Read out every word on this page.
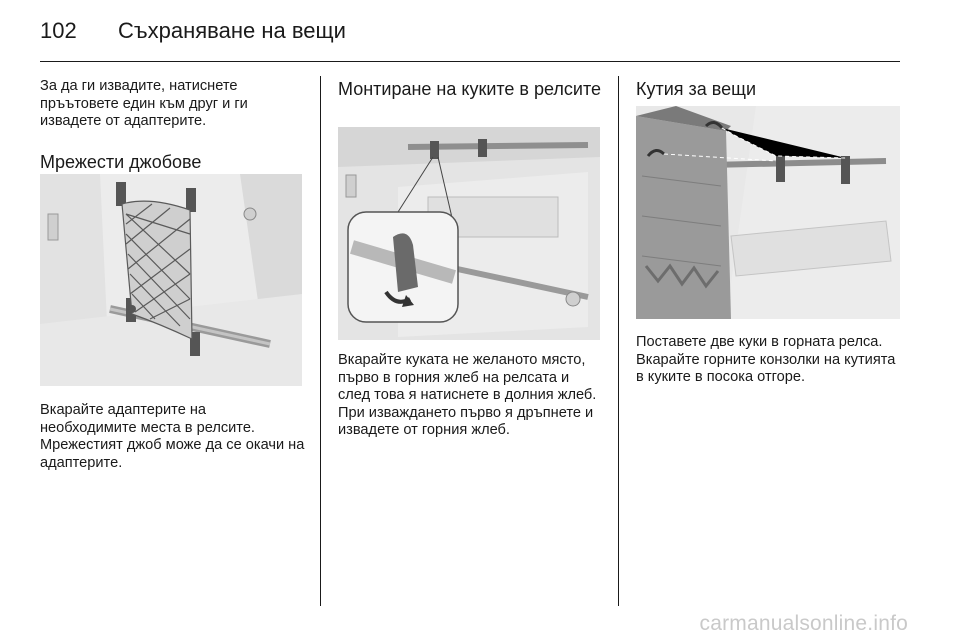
102 Съхраняване на вещи

За да ги извадите, натиснете пръътовете един към друг и ги извадете от адаптерите.

Мрежести джобове

Вкарайте адаптерите на необходимите места в релсите. Мрежестият джоб може да се окачи на адаптерите.

Монтиране на куките в релсите

Вкарайте куката не желаното място, първо в горния жлеб на релсата и след това я натиснете в долния жлеб. При изваждането първо я дръпнете и извадете от горния жлеб.

Кутия за вещи

Поставете две куки в горната релса. Вкарайте горните конзолки на кутията в куките в посока отгоре.

carmanualsonline.info
